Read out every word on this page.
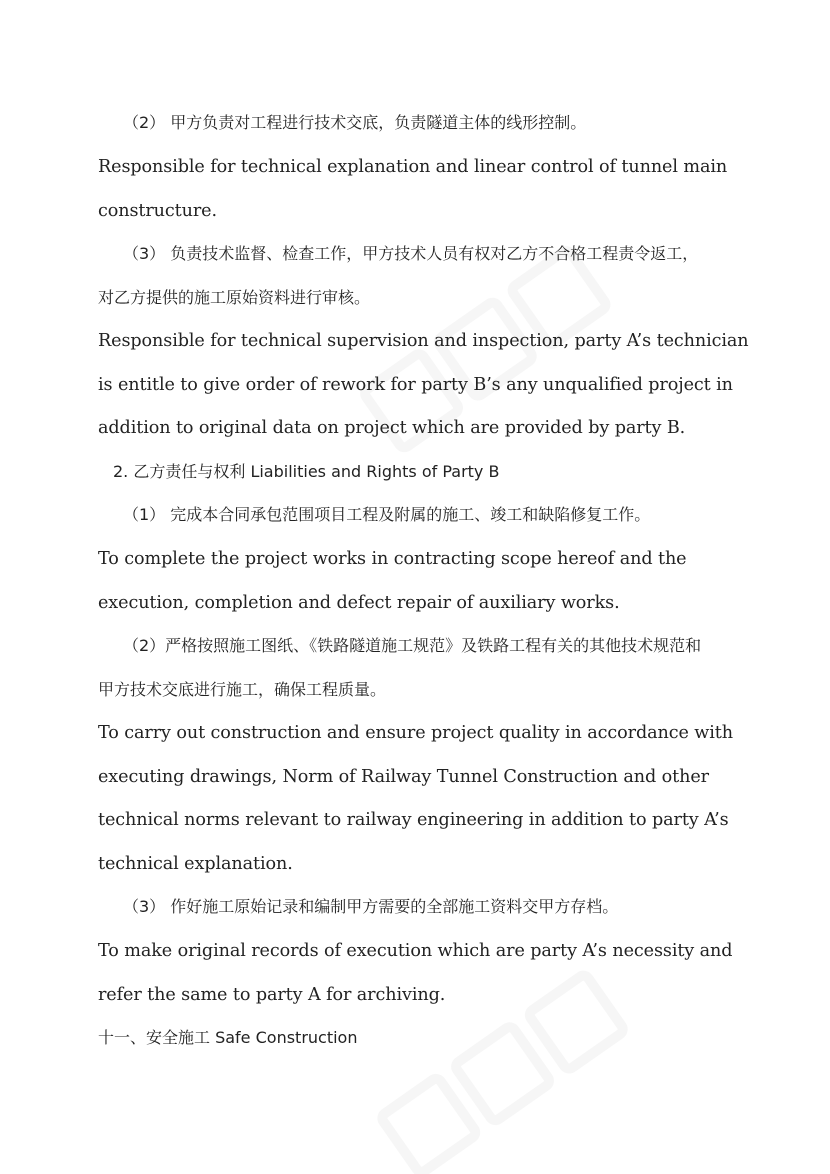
（2） 甲方负责对工程进行技术交底，负责隧道主体的线形控制。
Responsible for technical explanation and linear control of tunnel main
constructure.
（3） 负责技术监督、检查工作，甲方技术人员有权对乙方不合格工程责令返工，
对乙方提供的施工原始资料进行审核。
Responsible for technical supervision and inspection, party A’s technician
is entitle to give order of rework for party B’s any unqualified project in
addition to original data on project which are provided by party B.
2. 乙方责任与权利 Liabilities and Rights of Party B
（1） 完成本合同承包范围项目工程及附属的施工、竣工和缺陷修复工作。
To complete the project works in contracting scope hereof and the
execution, completion and defect repair of auxiliary works.
（2）严格按照施工图纸、《铁路隧道施工规范》及铁路工程有关的其他技术规范和
甲方技术交底进行施工，确保工程质量。
To carry out construction and ensure project quality in accordance with
executing drawings, Norm of Railway Tunnel Construction and other
technical norms relevant to railway engineering in addition to party A’s
technical explanation.
（3） 作好施工原始记录和编制甲方需要的全部施工资料交甲方存档。
To make original records of execution which are party A’s necessity and
refer the same to party A for archiving.
十一、安全施工 Safe Construction
